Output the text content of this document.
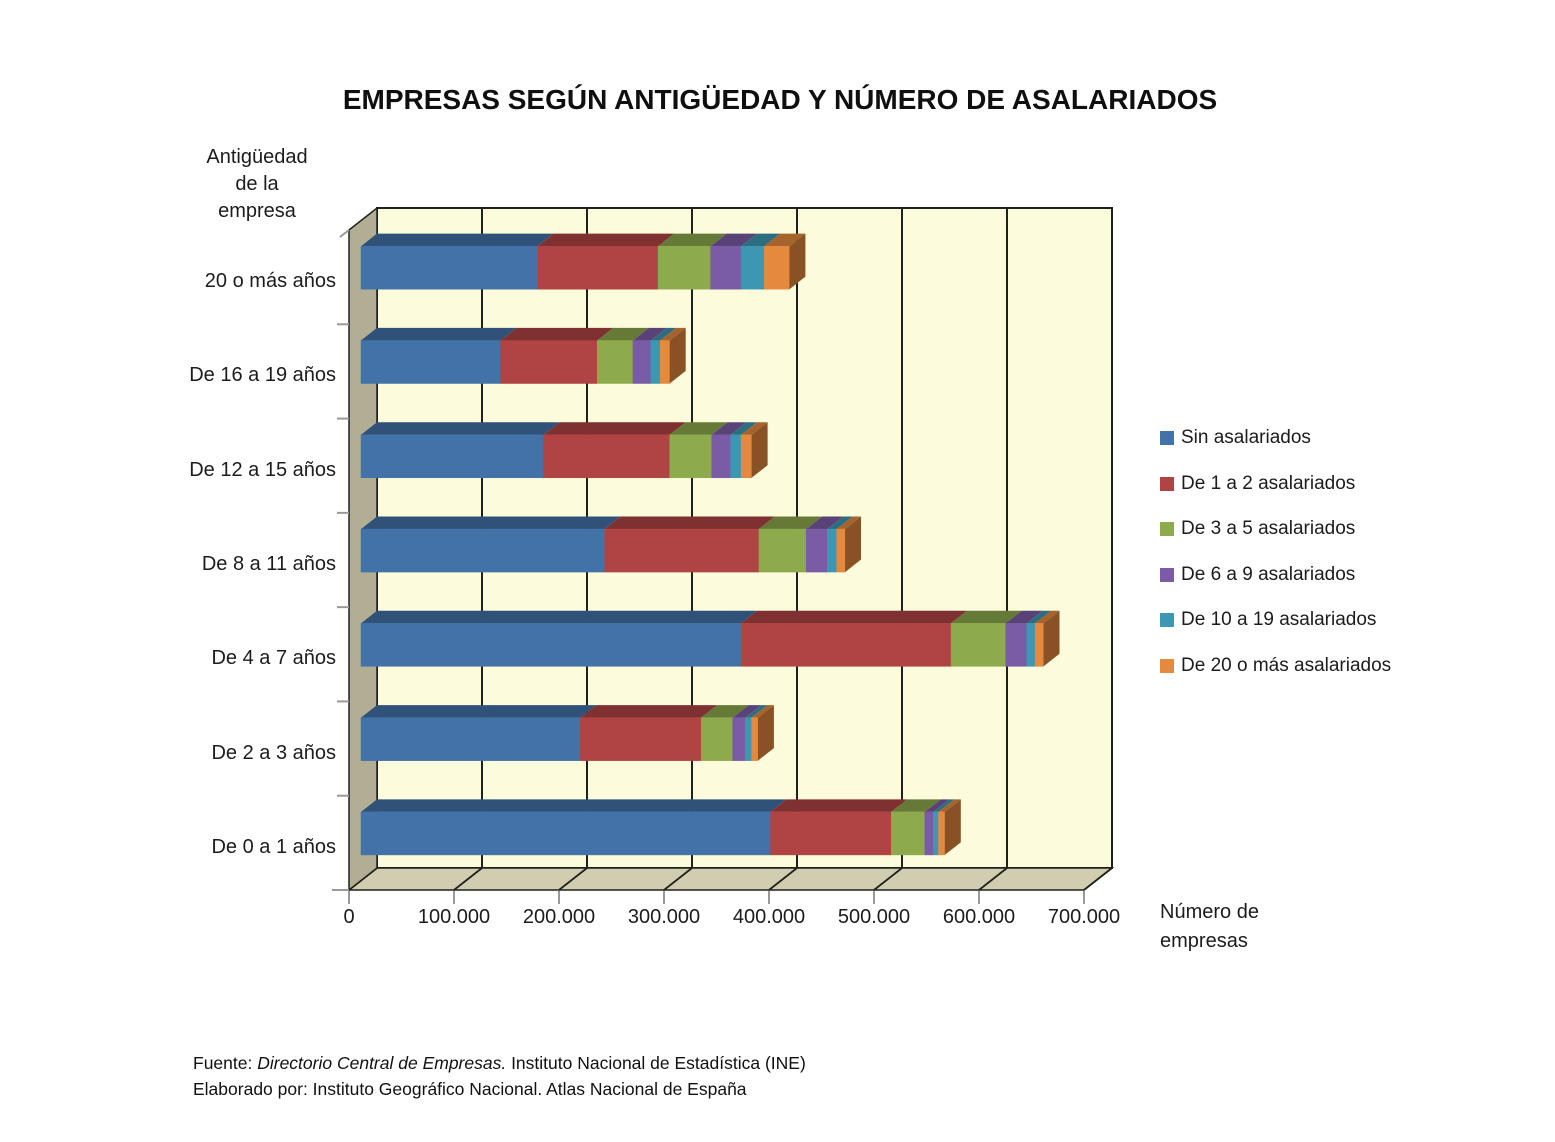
EMPRESAS SEGÚN ANTIGÜEDAD Y NÚMERO DE ASALARIADOS
Antigüedad
de la
empresa
20 o más años
De 16 a 19 años
De 12 a 15 años
De 8 a 11 años
De 4 a 7 años
De 2 a 3 años
De 0 a 1 años
0	100.000	200.000	300.000	400.000	500.000	600.000	700.000	Número de
empresas
Sin asalariados
De 1 a 2 asalariados
De 3 a 5 asalariados
De 6 a 9 asalariados
De 10 a 19 asalariados
De 20 o más asalariados
Fuente: Directorio Central de Empresas. Instituto Nacional de Estadística (INE)
Elaborado por: Instituto Geográfico Nacional. Atlas Nacional de España
